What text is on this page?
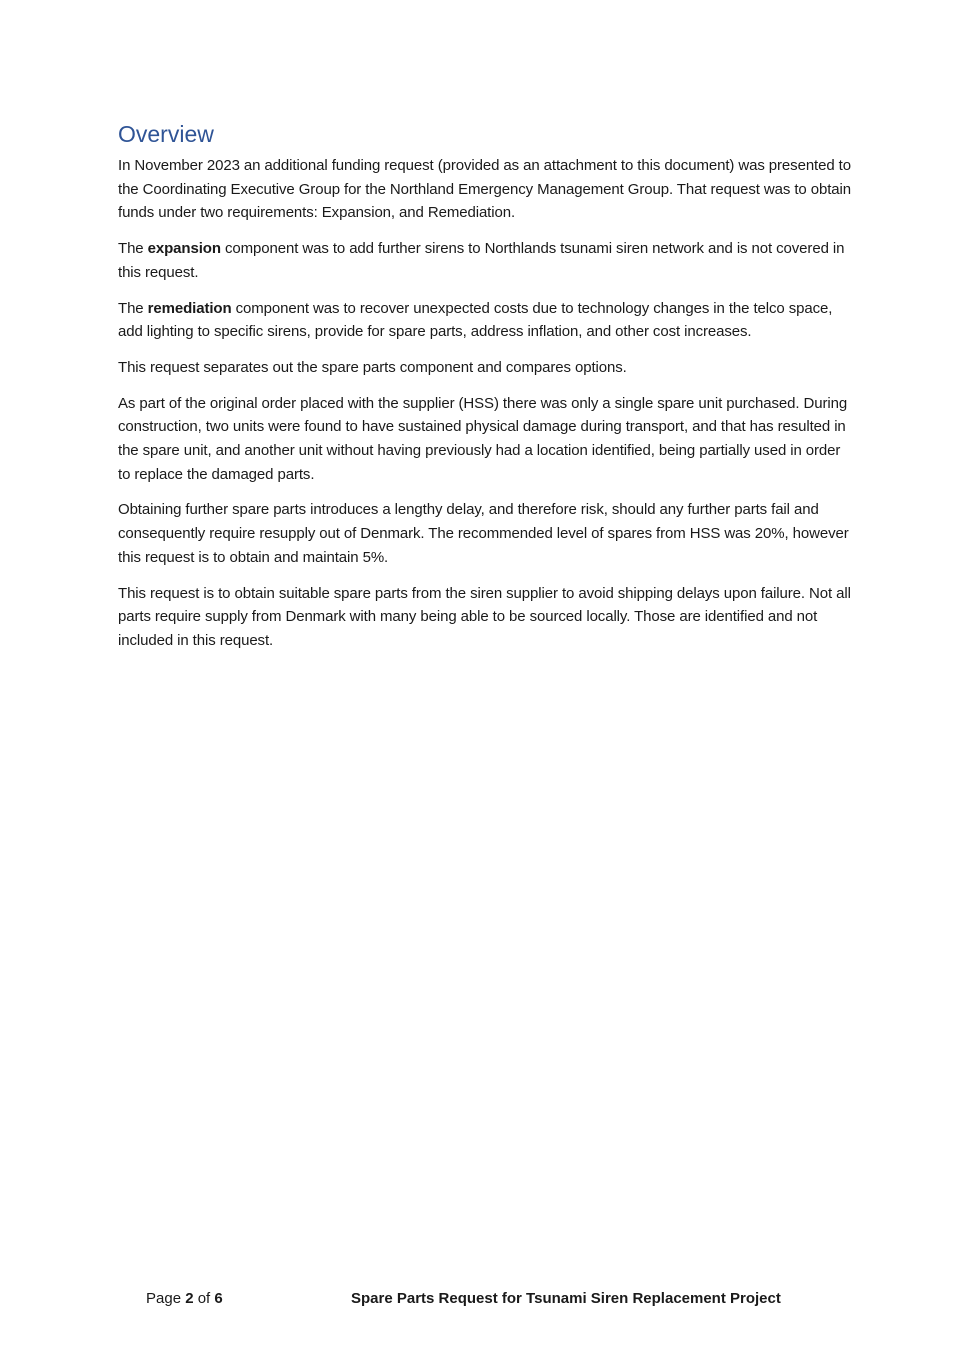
Overview

In November 2023 an additional funding request (provided as an attachment to this document) was presented to the Coordinating Executive Group for the Northland Emergency Management Group. That request was to obtain funds under two requirements: Expansion, and Remediation.

The expansion component was to add further sirens to Northlands tsunami siren network and is not covered in this request.

The remediation component was to recover unexpected costs due to technology changes in the telco space, add lighting to specific sirens, provide for spare parts, address inflation, and other cost increases.

This request separates out the spare parts component and compares options.

As part of the original order placed with the supplier (HSS) there was only a single spare unit purchased. During construction, two units were found to have sustained physical damage during transport, and that has resulted in the spare unit, and another unit without having previously had a location identified, being partially used in order to replace the damaged parts.

Obtaining further spare parts introduces a lengthy delay, and therefore risk, should any further parts fail and consequently require resupply out of Denmark. The recommended level of spares from HSS was 20%, however this request is to obtain and maintain 5%.

This request is to obtain suitable spare parts from the siren supplier to avoid shipping delays upon failure. Not all parts require supply from Denmark with many being able to be sourced locally. Those are identified and not included in this request.

Page 2 of 6	Spare Parts Request for Tsunami Siren Replacement Project
